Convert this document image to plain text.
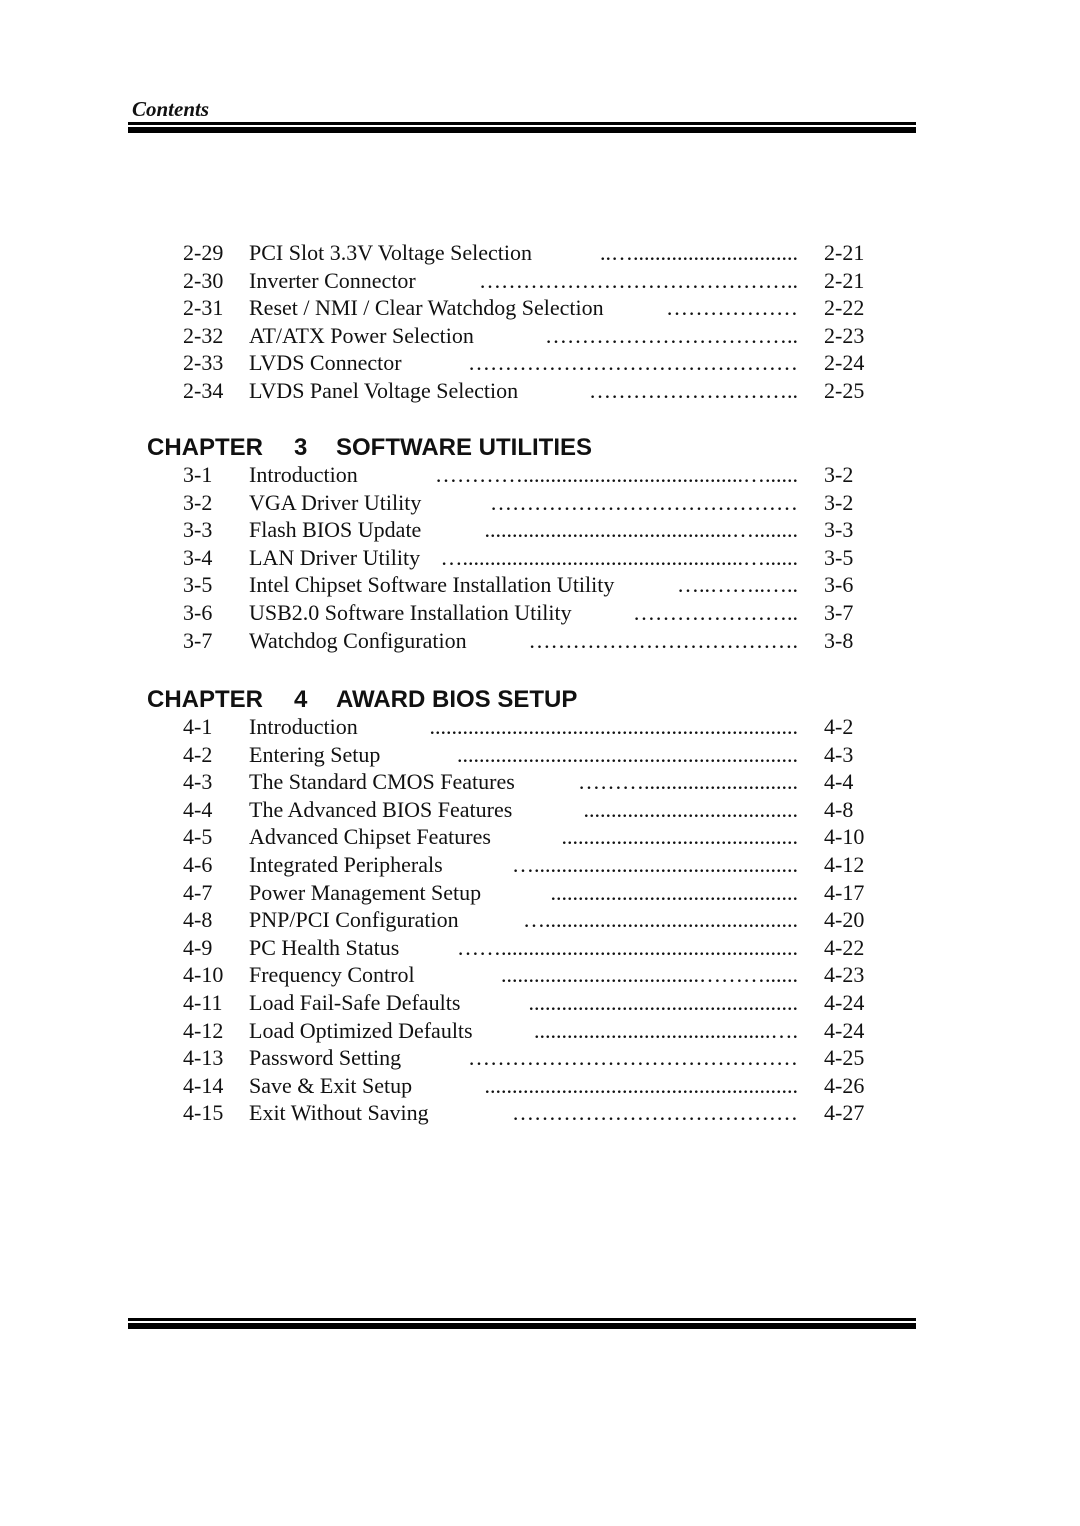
Contents
2-29 PCI Slot 3.3V Voltage Selection	..….............................. 2-21
2-30 Inverter Connector	…………………………………….. 2-21
2-31 Reset / NMI / Clear Watchdog Selection	……………… 2-22
2-32 AT/ATX Power Selection	…………………………….. 2-23
2-33 LVDS Connector	……………………………………… 2-24
2-34 LVDS Panel Voltage Selection	……………………….. 2-25
CHAPTER 3 SOFTWARE UTILITIES
3-1 Introduction	…………........................................…...... 3-2
3-2 VGA Driver Utility	…………………………………… 3-2
3-3 Flash BIOS Update	.............................................…........ 3-3
3-4 LAN Driver Utility …...................................................…...... 3-5
3-5 Intel Chipset Software Installation Utility	…..……..….. 3-6
3-6 USB2.0 Software Installation Utility	………………….. 3-7
3-7 Watchdog Configuration	………………………………. 3-8
CHAPTER 4 AWARD BIOS SETUP
4-1 Introduction	................................................................... 4-2
4-2 Entering Setup	.............................................................. 4-3
4-3 The Standard CMOS Features	………............................ 4-4
4-4 The Advanced BIOS Features	....................................... 4-8
4-5 Advanced Chipset Features	........................................... 4-10
4-6 Integrated Peripherals	…................................................ 4-12
4-7 Power Management Setup	............................................. 4-17
4-8 PNP/PCI Configuration	….............................................. 4-20
4-9 PC Health Status	……...................................................... 4-22
4-10 Frequency Control	....................................………...... 4-23
4-11 Load Fail-Safe Defaults	................................................. 4-24
4-12 Load Optimized Defaults	...........................................…. 4-24
4-13 Password Setting	……………………………………… 4-25
4-14 Save & Exit Setup	......................................................... 4-26
4-15 Exit Without Saving	………………………………… 4-27
